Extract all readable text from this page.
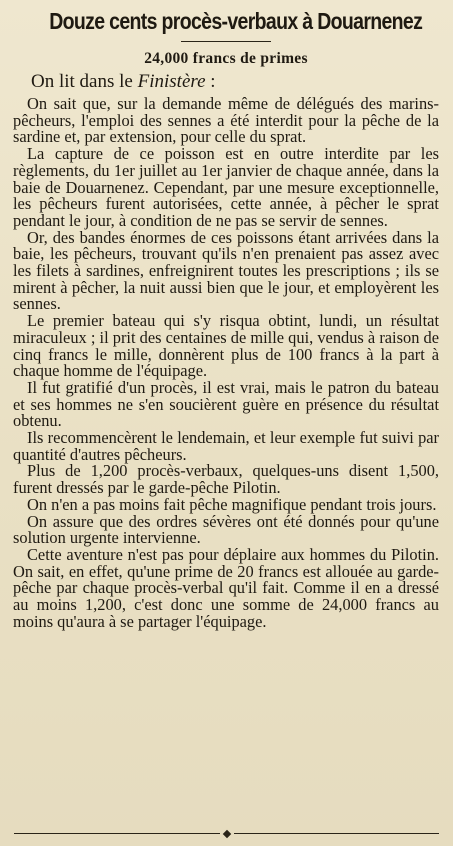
Douze cents procès-verbaux à Douarnenez
24,000 francs de primes
On lit dans le Finistère :

On sait que, sur la demande même de délégués des marins-pêcheurs, l'emploi des sennes a été interdit pour la pêche de la sardine et, par extension, pour celle du sprat.

La capture de ce poisson est en outre interdite par les règlements, du 1er juillet au 1er janvier de chaque année, dans la baie de Douarnenez. Cependant, par une mesure exceptionnelle, les pêcheurs furent autorisées, cette année, à pêcher le sprat pendant le jour, à condition de ne pas se servir de sennes.

Or, des bandes énormes de ces poissons étant arrivées dans la baie, les pêcheurs, trouvant qu'ils n'en prenaient pas assez avec les filets à sardines, enfreignirent toutes les prescriptions ; ils se mirent à pêcher, la nuit aussi bien que le jour, et employèrent les sennes.

Le premier bateau qui s'y risqua obtint, lundi, un résultat miraculeux ; il prit des centaines de mille qui, vendus à raison de cinq francs le mille, donnèrent plus de 100 francs à la part à chaque homme de l'équipage.

Il fut gratifié d'un procès, il est vrai, mais le patron du bateau et ses hommes ne s'en soucièrent guère en présence du résultat obtenu.

Ils recommencèrent le lendemain, et leur exemple fut suivi par quantité d'autres pêcheurs.

Plus de 1,200 procès-verbaux, quelques-uns disent 1,500, furent dressés par le garde-pêche Pilotin.

On n'en a pas moins fait pêche magnifique pendant trois jours.

On assure que des ordres sévères ont été donnés pour qu'une solution urgente intervienne.

Cette aventure n'est pas pour déplaire aux hommes du Pilotin. On sait, en effet, qu'une prime de 20 francs est allouée au garde-pêche par chaque procès-verbal qu'il fait. Comme il en a dressé au moins 1,200, c'est donc une somme de 24,000 francs au moins qu'aura à se partager l'équipage.
